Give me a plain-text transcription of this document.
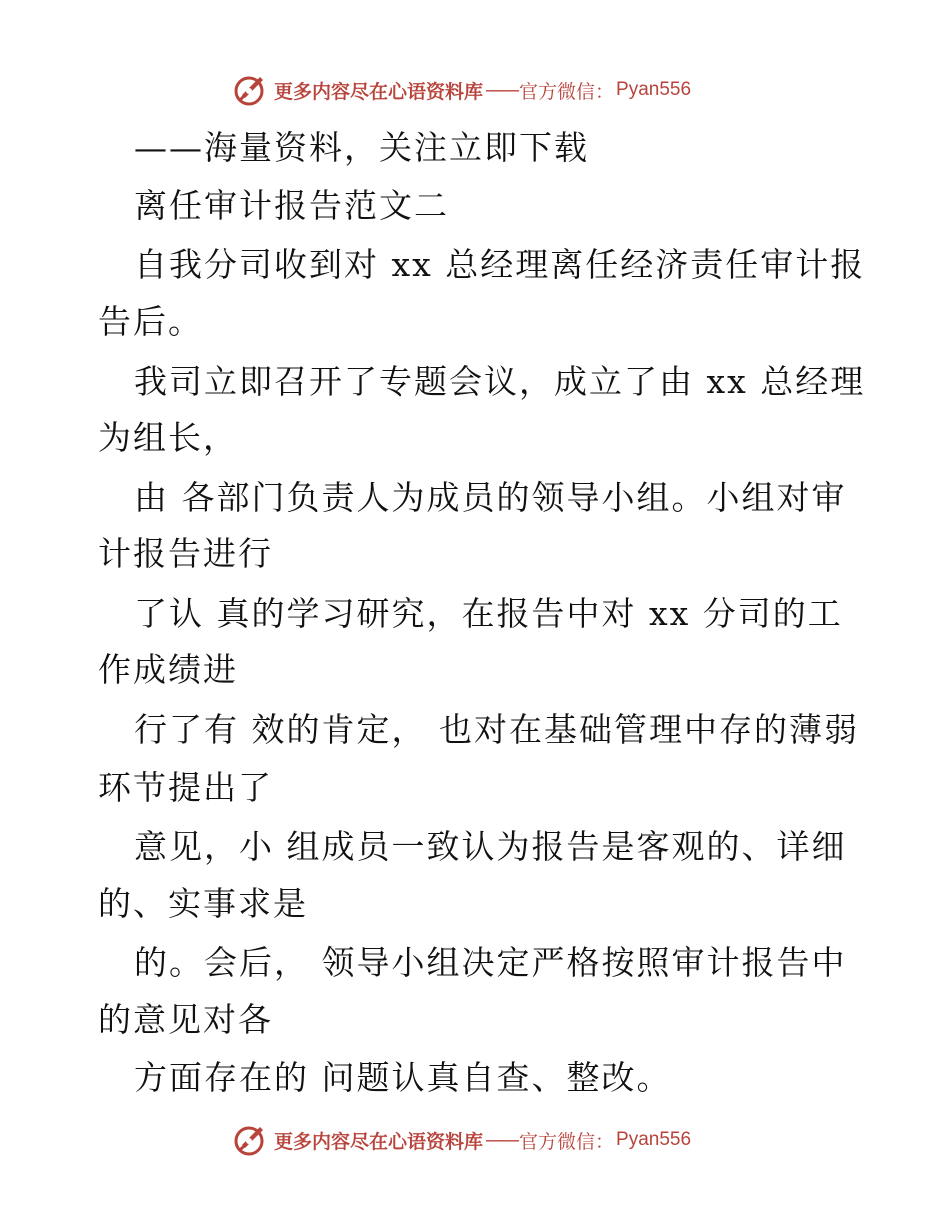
更多内容尽在心语资料库 —— 官方微信： Pyan556
——海量资料，关注立即下载
离任审计报告范文二
自我分司收到对 xx 总经理离任经济责任审计报
告后。
我司立即召开了专题会议，成立了由 xx 总经理
为组长，
由 各部门负责人为成员的领导小组。小组对审
计报告进行
了认 真的学习研究，在报告中对 xx 分司的工
作成绩进
行了有 效的肯定， 也对在基础管理中存的薄弱
环节提出了
意见，小 组成员一致认为报告是客观的、详细
的、实事求是
的。会后， 领导小组决定严格按照审计报告中
的意见对各
方面存在的 问题认真自查、整改。
更多内容尽在心语资料库 —— 官方微信： Pyan556
